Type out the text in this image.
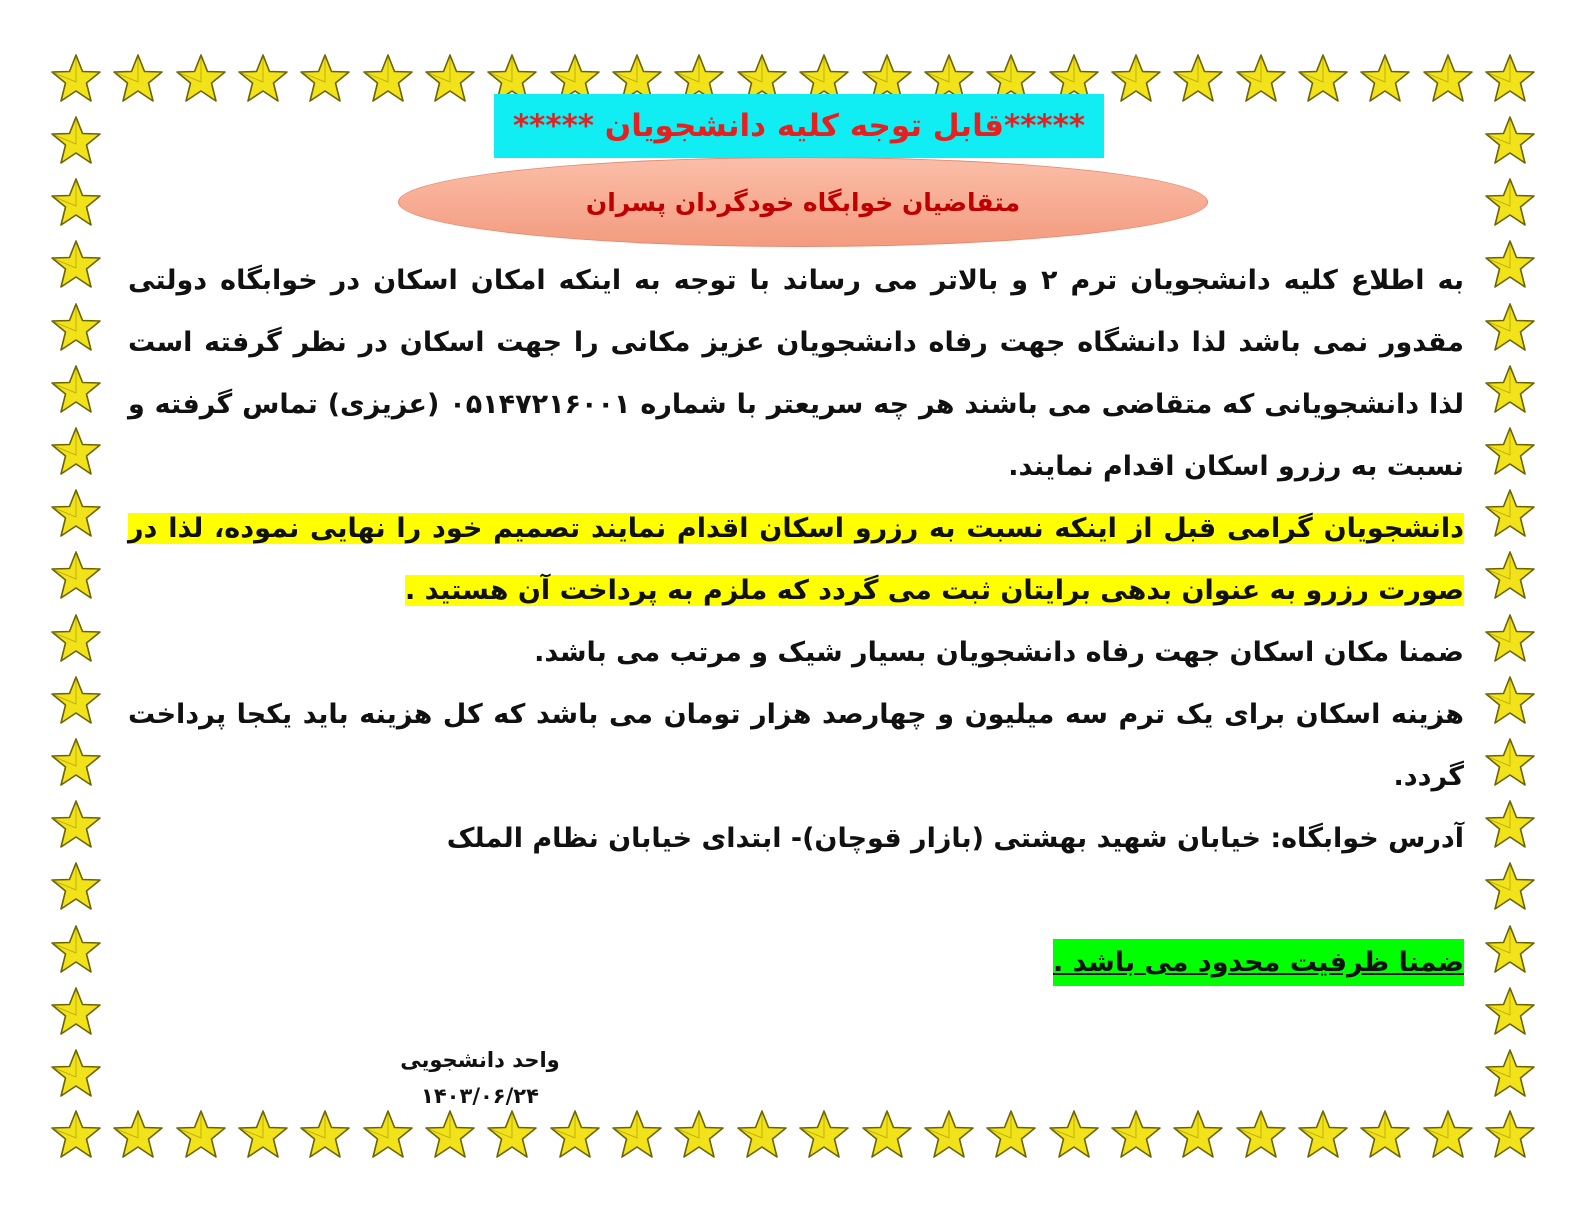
*****قابل توجه کلیه دانشجویان *****
متقاضیان خوابگاه خودگردان پسران

به اطلاع کلیه دانشجویان ترم ۲ و بالاتر می رساند با توجه به اینکه امکان اسکان در خوابگاه دولتی مقدور نمی باشد لذا دانشگاه جهت رفاه دانشجویان عزیز مکانی را جهت اسکان در نظر گرفته است لذا دانشجویانی که متقاضی می باشند هر چه سریعتر با شماره ۰۵۱۴۷۲۱۶۰۰۱ (عزیزی) تماس گرفته و نسبت به رزرو اسکان اقدام نمایند.

دانشجویان گرامی قبل از اینکه نسبت به رزرو اسکان اقدام نمایند تصمیم خود را نهایی نموده، لذا در صورت رزرو به عنوان بدهی برایتان ثبت می گردد که ملزم به پرداخت آن هستید .

ضمنا مکان اسکان جهت رفاه دانشجویان بسیار شیک و مرتب می باشد.

هزینه اسکان برای یک ترم سه میلیون و چهارصد هزار تومان می باشد که کل هزینه باید یکجا پرداخت گردد.

آدرس خوابگاه: خیابان شهید بهشتی (بازار قوچان)- ابتدای خیابان نظام الملک

ضمنا ظرفیت محدود می باشد .

واحد دانشجویی
۱۴۰۳/۰۶/۲۴
